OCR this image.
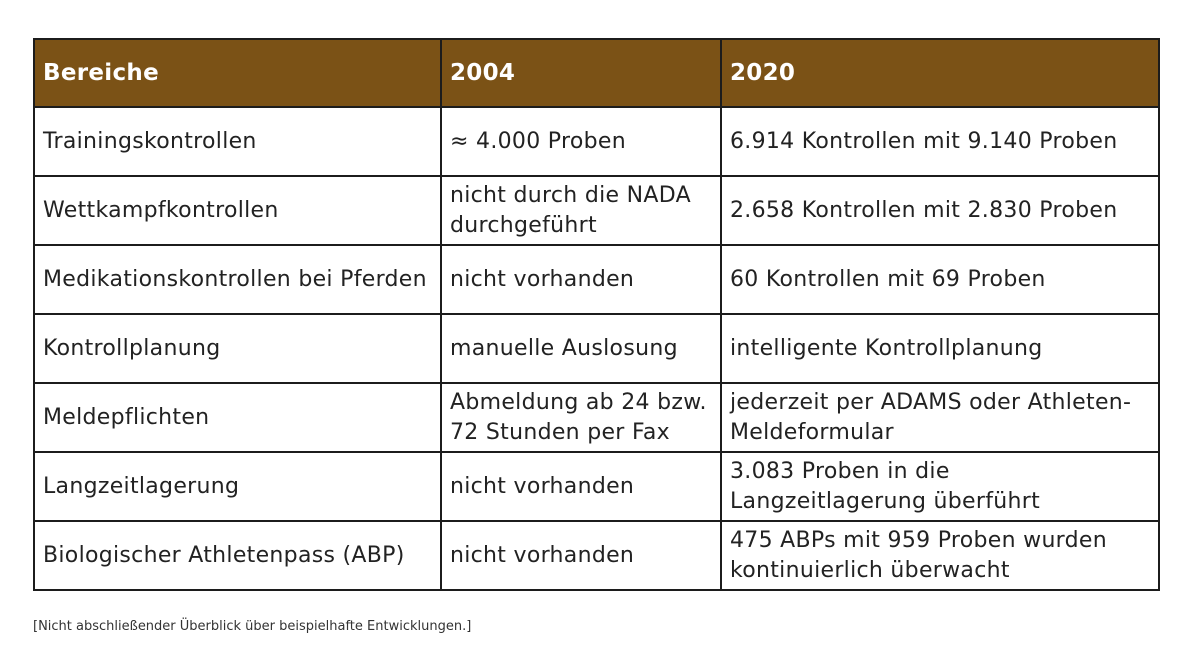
Bereiche	2004	2020
Trainingskontrollen	≈ 4.000 Proben	6.914 Kontrollen mit 9.140 Proben
Wettkampfkontrollen	nicht durch die NADA durchgeführt	2.658 Kontrollen mit 2.830 Proben
Medikationskontrollen bei Pferden	nicht vorhanden	60 Kontrollen mit 69 Proben
Kontrollplanung	manuelle Auslosung	intelligente Kontrollplanung
Meldepflichten	Abmeldung ab 24 bzw. 72 Stunden per Fax	jederzeit per ADAMS oder Athleten-Meldeformular
Langzeitlagerung	nicht vorhanden	3.083 Proben in die Langzeitlagerung überführt
Biologischer Athletenpass (ABP)	nicht vorhanden	475 ABPs mit 959 Proben wurden kontinuierlich überwacht
[Nicht abschließender Überblick über beispielhafte Entwicklungen.]
